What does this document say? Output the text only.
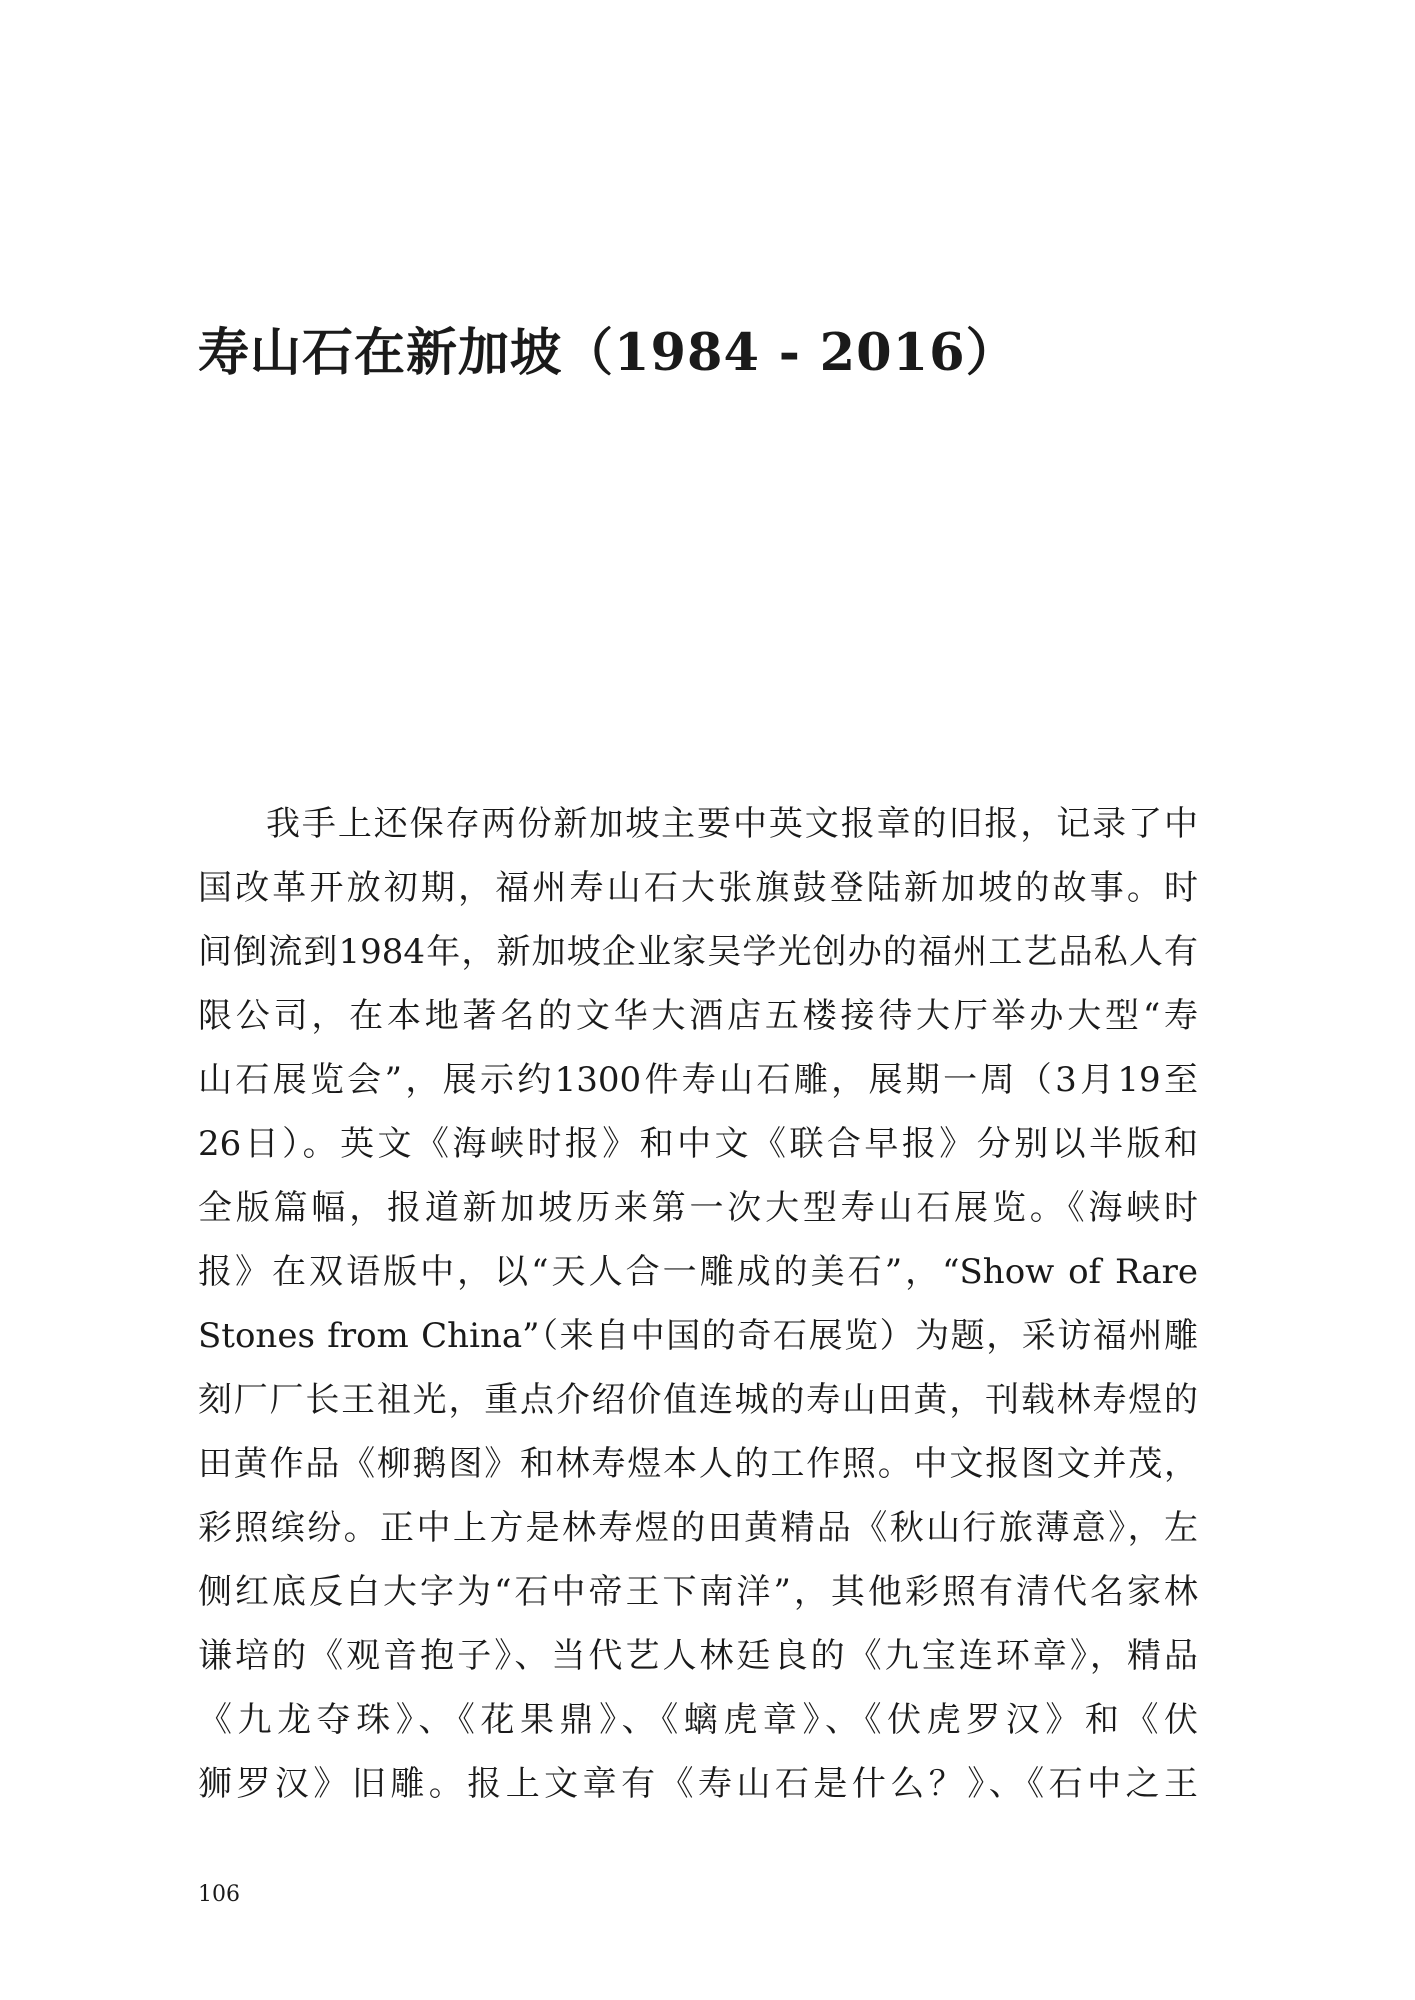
寿山石在新加坡（1984 - 2016）
我手上还保存两份新加坡主要中英文报章的旧报，记录了中
国改革开放初期，福州寿山石大张旗鼓登陆新加坡的故事。时
间倒流到1984年，新加坡企业家吴学光创办的福州工艺品私人有
限公司，在本地著名的文华大酒店五楼接待大厅举办大型“寿
山石展览会”，展示约1300件寿山石雕，展期一周（3月19至
26日）。英文《海峡时报》和中文《联合早报》分别以半版和
全版篇幅，报道新加坡历来第一次大型寿山石展览。《海峡时
报》在双语版中，以“天人合一雕成的美石”，“Show of Rare
Stones from China”（来自中国的奇石展览）为题，采访福州雕
刻厂厂长王祖光，重点介绍价值连城的寿山田黄，刊载林寿煜的
田黄作品《柳鹅图》和林寿煜本人的工作照。中文报图文并茂，
彩照缤纷。正中上方是林寿煜的田黄精品《秋山行旅薄意》，左
侧红底反白大字为“石中帝王下南洋”，其他彩照有清代名家林
谦培的《观音抱子》、当代艺人林廷良的《九宝连环章》，精品
《九龙夺珠》、《花果鼎》、《螭虎章》、《伏虎罗汉》和《伏
狮罗汉》旧雕。报上文章有《寿山石是什么？》、《石中之王
106
